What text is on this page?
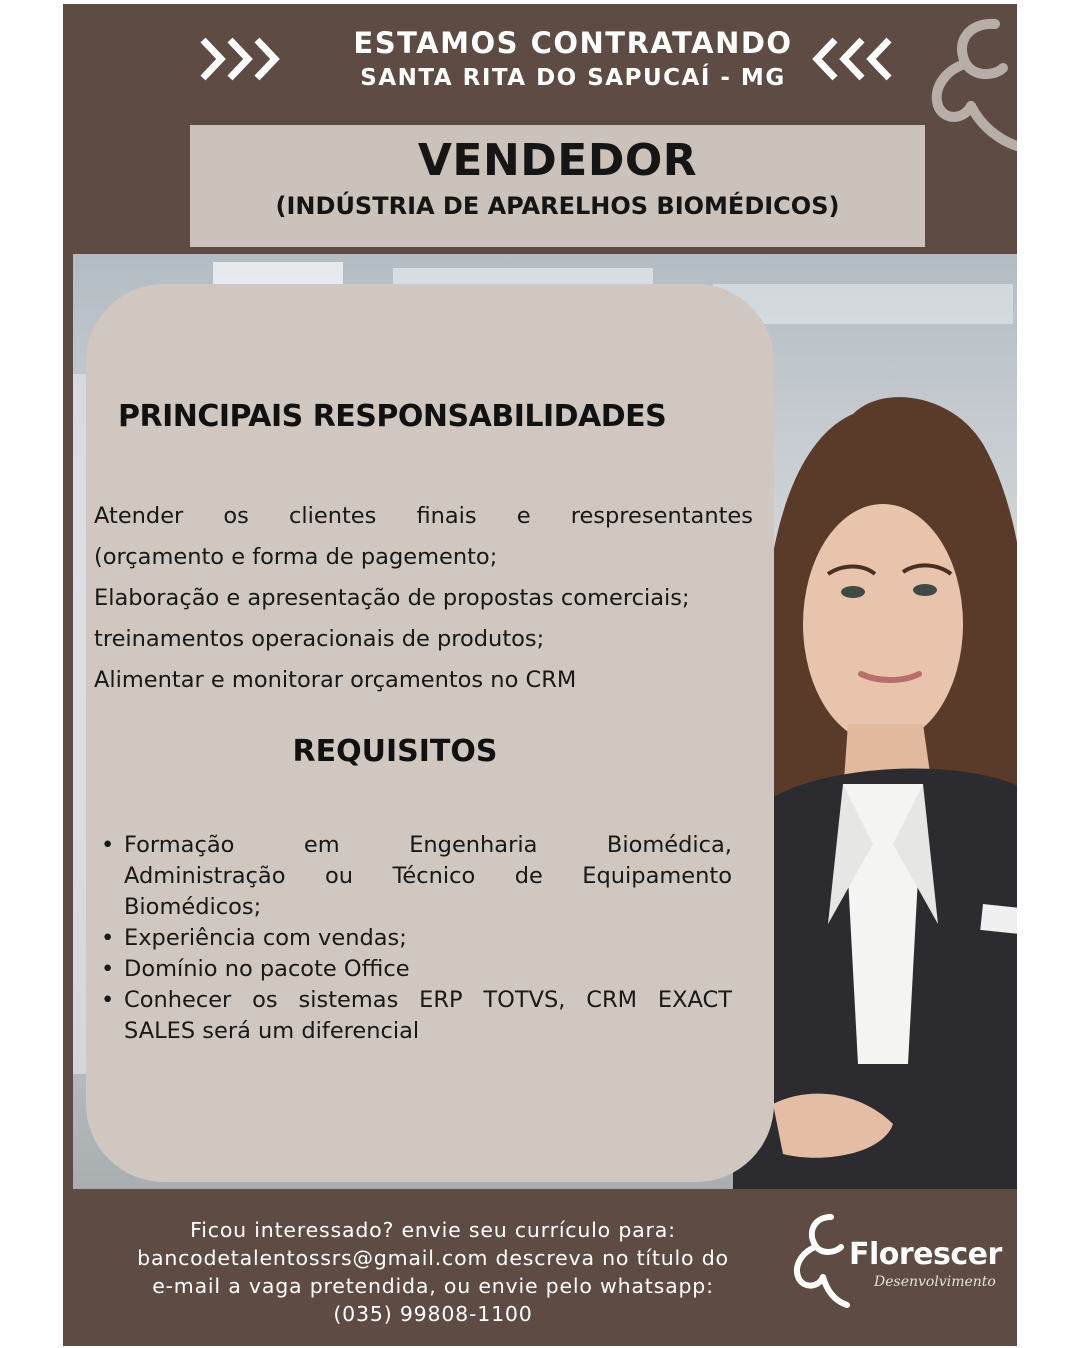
ESTAMOS CONTRATANDO
SANTA RITA DO SAPUCAÍ - MG
VENDEDOR
(INDÚSTRIA DE APARELHOS BIOMÉDICOS)
PRINCIPAIS RESPONSABILIDADES
Atender os clientes finais e respresentantes
(orçamento e forma de pagemento;
Elaboração e apresentação de propostas comerciais;
treinamentos operacionais de produtos;
Alimentar e monitorar orçamentos no CRM
REQUISITOS
• Formação	em	Engenharia	Biomédica,
Administração ou Técnico de Equipamento
Biomédicos;
• Experiência com vendas;
• Domínio no pacote Office
• Conhecer os sistemas ERP TOTVS, CRM EXACT
SALES será um diferencial
Ficou interessado? envie seu currículo para:
bancodetalentossrs@gmail.com descreva no título do
e-mail a vaga pretendida, ou envie pelo whatsapp:
(035) 99808-1100
Florescer
Desenvolvimento
